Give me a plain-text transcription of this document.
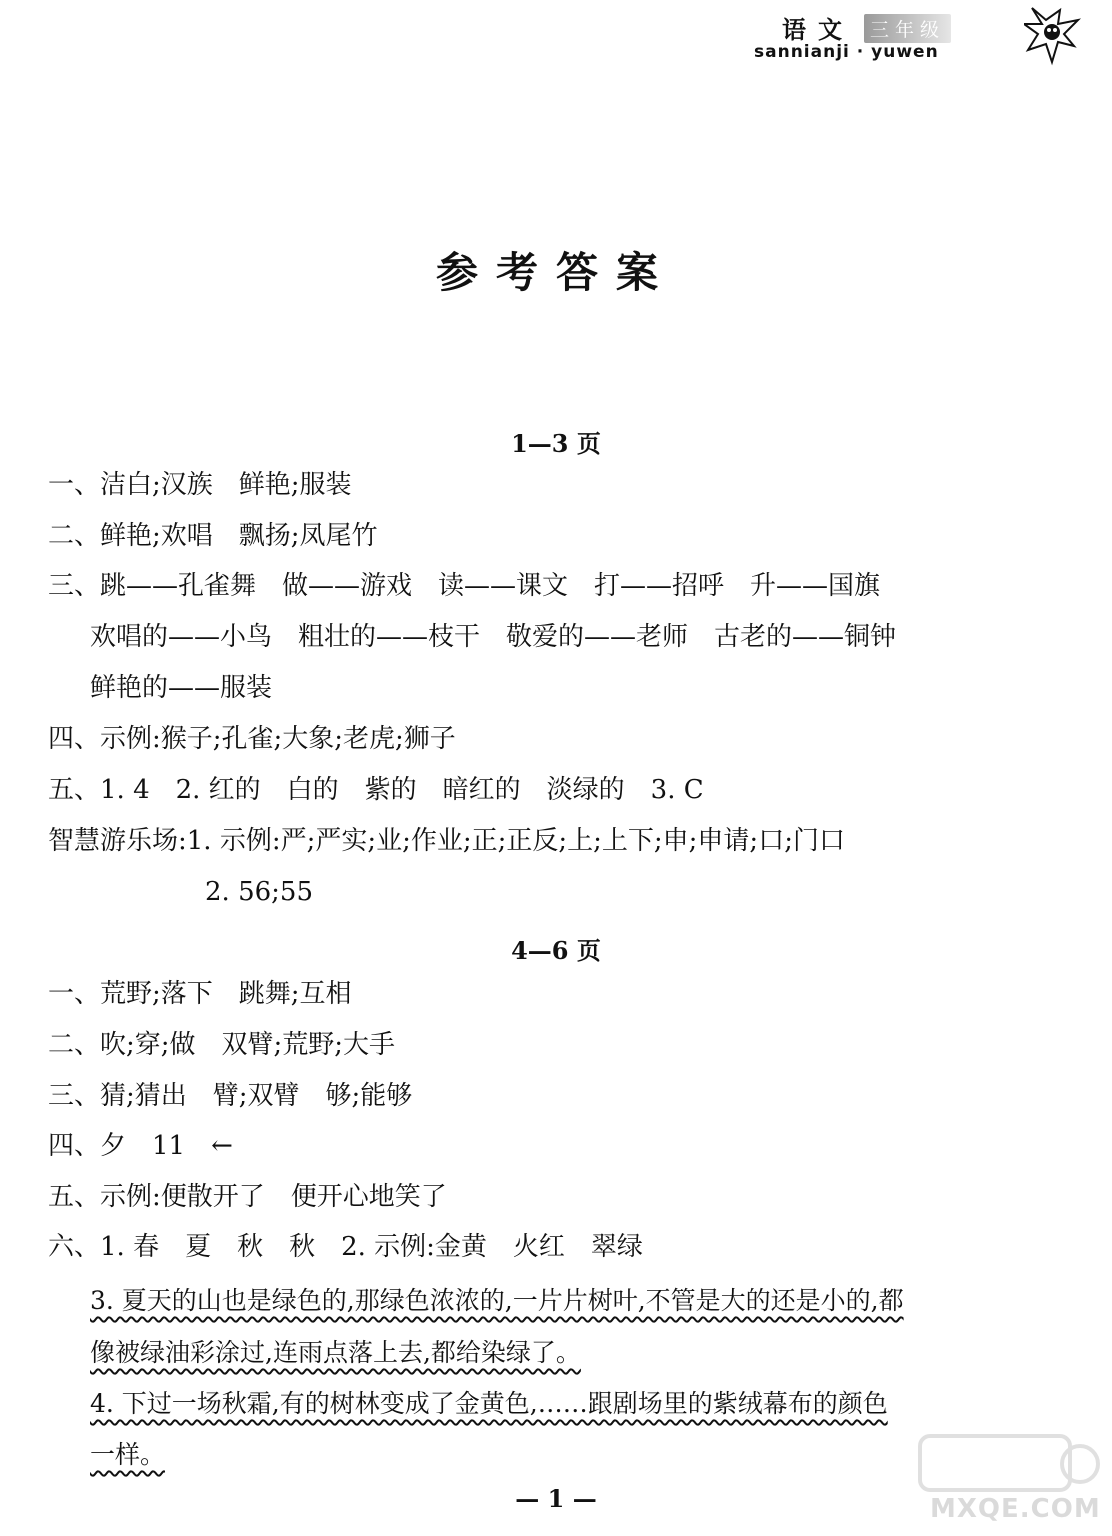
语文 三年级
sannianji · yuwen
参考答案
1—3 页
一、洁白;汉族　鲜艳;服装
二、鲜艳;欢唱　飘扬;凤尾竹
三、跳——孔雀舞　做——游戏　读——课文　打——招呼　升——国旗
欢唱的——小鸟　粗壮的——枝干　敬爱的——老师　古老的——铜钟
鲜艳的——服装
四、示例:猴子;孔雀;大象;老虎;狮子
五、1. 4　2. 红的　白的　紫的　暗红的　淡绿的　3. C
智慧游乐场:1. 示例:严;严实;业;作业;正;正反;上;上下;申;申请;口;门口
2. 56;55
4—6 页
一、荒野;落下　跳舞;互相
二、吹;穿;做　双臂;荒野;大手
三、猜;猜出　臂;双臂　够;能够
四、夕　11　←
五、示例:便散开了　便开心地笑了
六、1. 春　夏　秋　秋　2. 示例:金黄　火红　翠绿
3. 夏天的山也是绿色的,那绿色浓浓的,一片片树叶,不管是大的还是小的,都
像被绿油彩涂过,连雨点落上去,都给染绿了。
4. 下过一场秋霜,有的树林变成了金黄色,……跟剧场里的紫绒幕布的颜色
一样。
— 1 —	MXQE.COM
